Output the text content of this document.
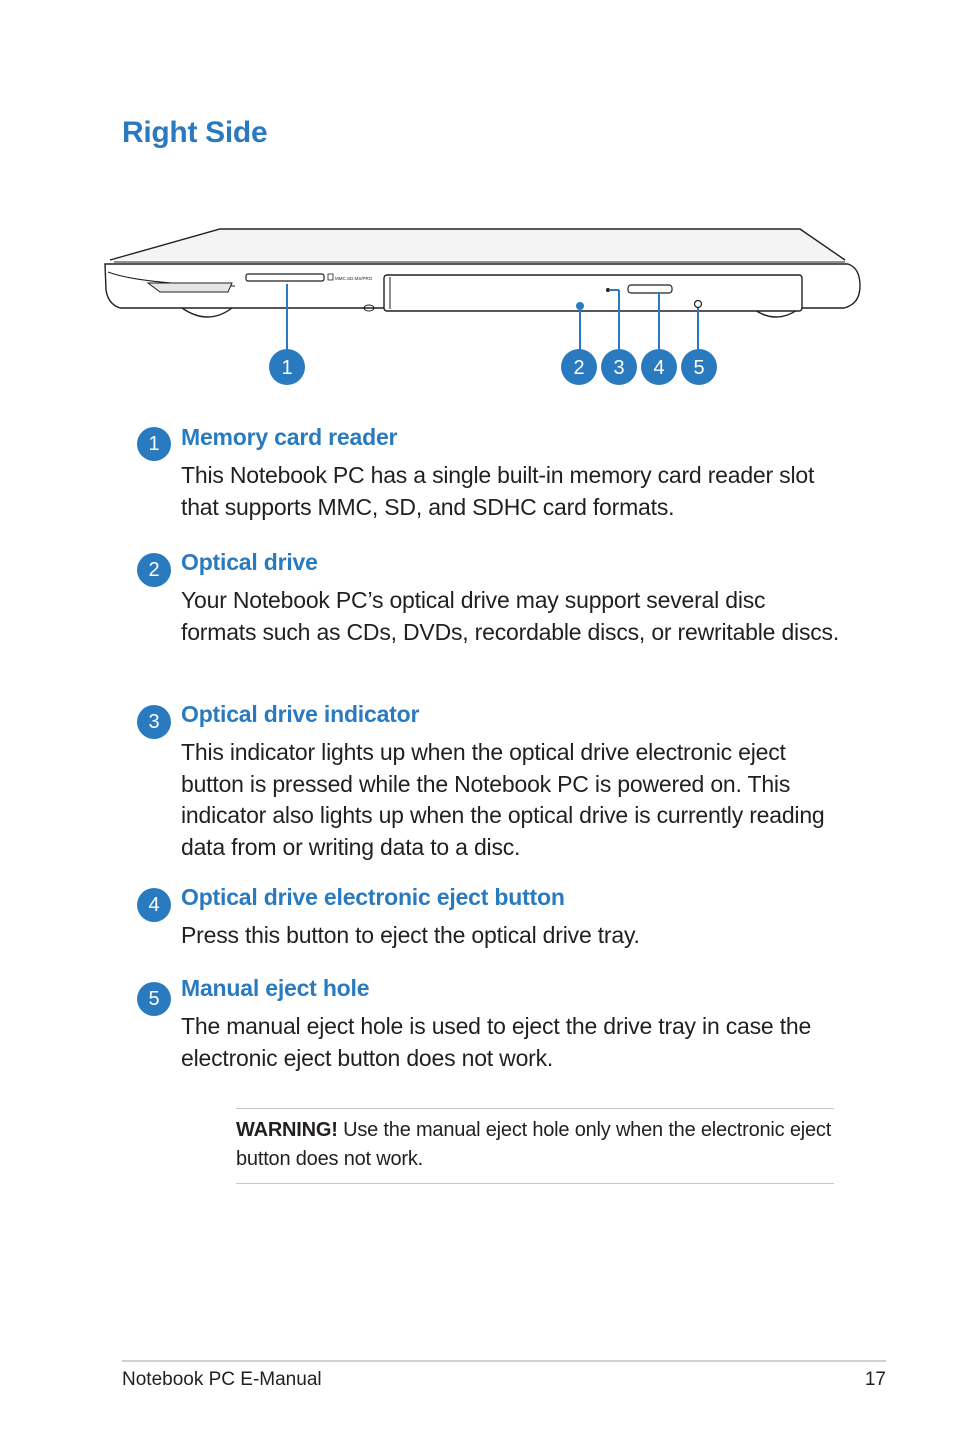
Right Side
MMC.SD.MS/PRO
1	2 3 4 5
1 Memory card reader
This Notebook PC has a single built-in memory card reader slot that supports MMC, SD, and SDHC card formats.
2 Optical drive
Your Notebook PC’s optical drive may support several disc formats such as CDs, DVDs, recordable discs, or rewritable discs.
3 Optical drive indicator
This indicator lights up when the optical drive electronic eject button is pressed while the Notebook PC is powered on. This indicator also lights up when the optical drive is currently reading data from or writing data to a disc.
4 Optical drive electronic eject button
Press this button to eject the optical drive tray.
5 Manual eject hole
The manual eject hole is used to eject the drive tray in case the electronic eject button does not work.
WARNING! Use the manual eject hole only when the electronic eject button does not work.
Notebook PC E-Manual	17
